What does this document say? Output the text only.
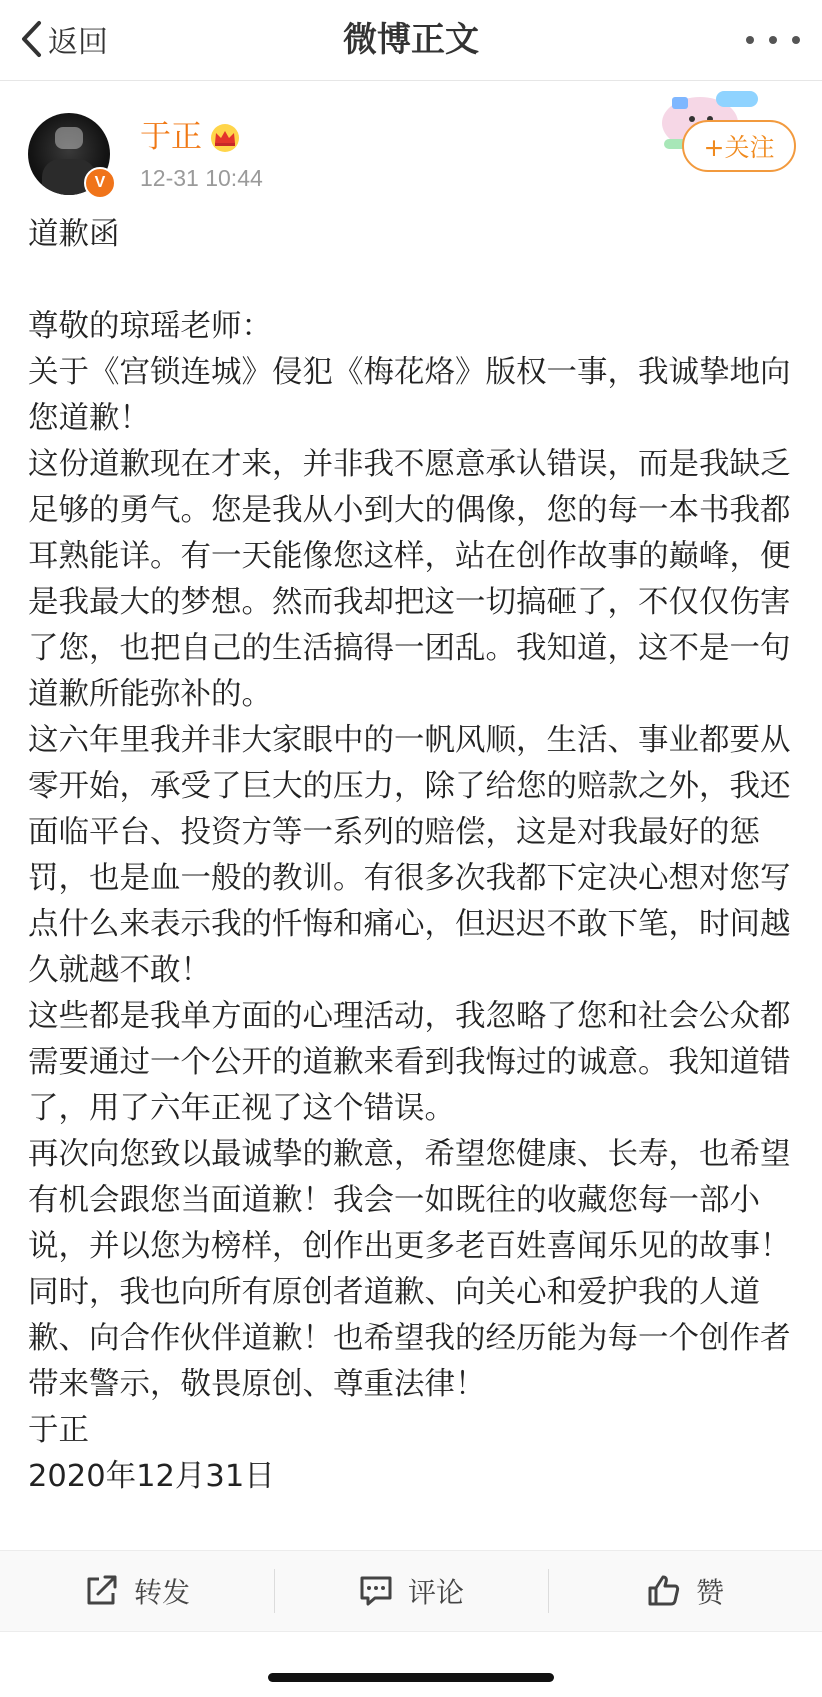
返回	微博正文
V
于正
12-31 10:44
+关注

道歉函

尊敬的琼瑶老师：

关于《宫锁连城》侵犯《梅花烙》版权一事，我诚挚地向您道歉！

这份道歉现在才来，并非我不愿意承认错误，而是我缺乏足够的勇气。您是我从小到大的偶像，您的每一本书我都耳熟能详。有一天能像您这样，站在创作故事的巅峰，便是我最大的梦想。然而我却把这一切搞砸了，不仅仅伤害了您，也把自己的生活搞得一团乱。我知道，这不是一句道歉所能弥补的。

这六年里我并非大家眼中的一帆风顺，生活、事业都要从零开始，承受了巨大的压力，除了给您的赔款之外，我还面临平台、投资方等一系列的赔偿，这是对我最好的惩罚，也是血一般的教训。有很多次我都下定决心想对您写点什么来表示我的忏悔和痛心，但迟迟不敢下笔，时间越久就越不敢！

这些都是我单方面的心理活动，我忽略了您和社会公众都需要通过一个公开的道歉来看到我悔过的诚意。我知道错了，用了六年正视了这个错误。

再次向您致以最诚挚的歉意，希望您健康、长寿，也希望有机会跟您当面道歉！我会一如既往的收藏您每一部小说，并以您为榜样，创作出更多老百姓喜闻乐见的故事！

同时，我也向所有原创者道歉、向关心和爱护我的人道歉、向合作伙伴道歉！也希望我的经历能为每一个创作者带来警示，敬畏原创、尊重法律！

于正

2020年12月31日

转发	评论	赞
